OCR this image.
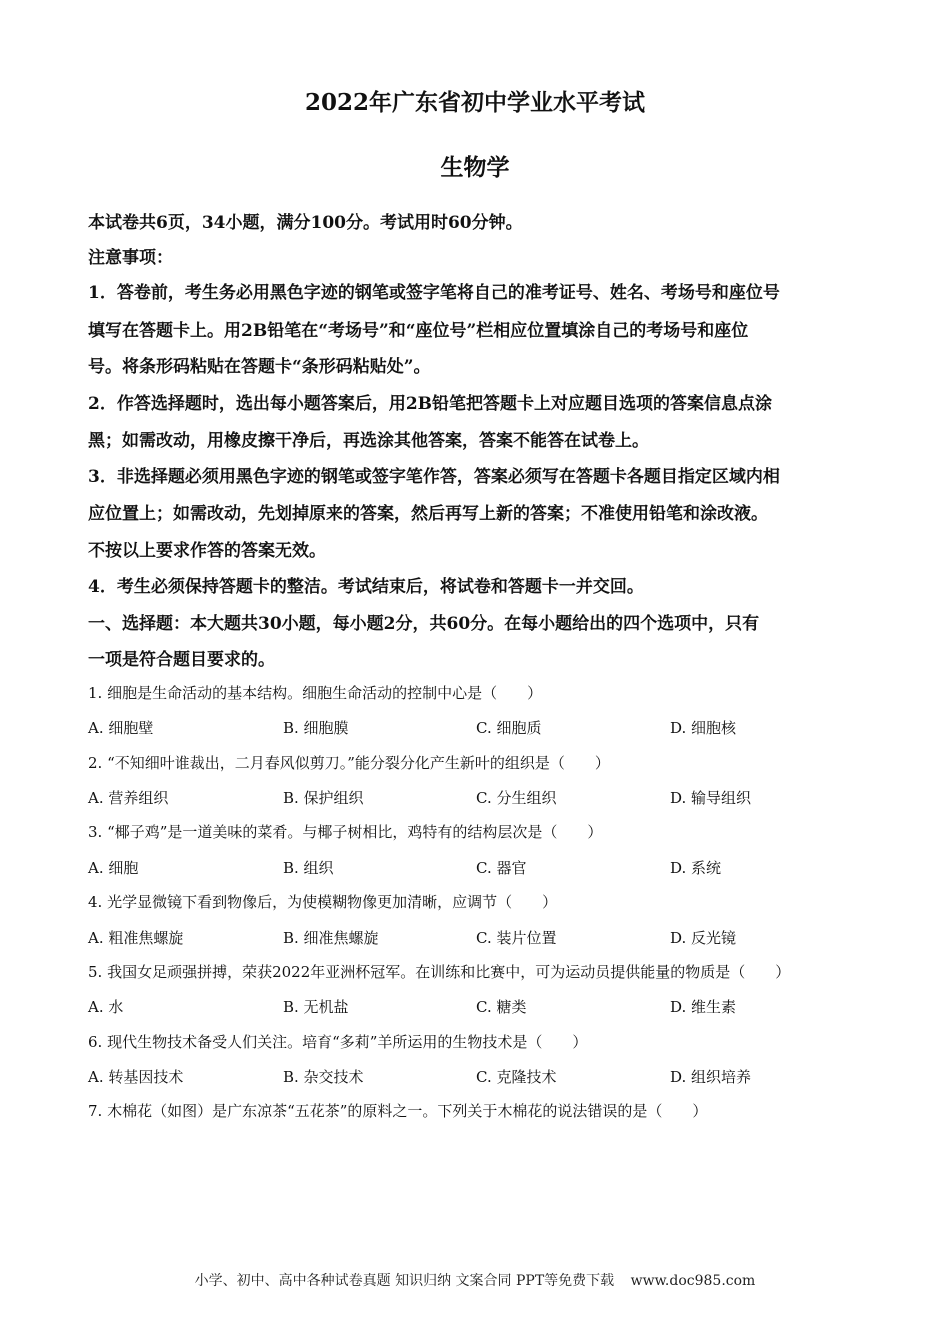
2022年广东省初中学业水平考试
生物学
本试卷共6页，34小题，满分100分。考试用时60分钟。
注意事项：
1．答卷前，考生务必用黑色字迹的钢笔或签字笔将自己的准考证号、姓名、考场号和座位号
填写在答题卡上。用2B铅笔在“考场号”和“座位号”栏相应位置填涂自己的考场号和座位
号。将条形码粘贴在答题卡“条形码粘贴处”。
2．作答选择题时，选出每小题答案后，用2B铅笔把答题卡上对应题目选项的答案信息点涂
黑；如需改动，用橡皮擦干净后，再选涂其他答案，答案不能答在试卷上。
3．非选择题必须用黑色字迹的钢笔或签字笔作答，答案必须写在答题卡各题目指定区域内相
应位置上；如需改动，先划掉原来的答案，然后再写上新的答案；不准使用铅笔和涂改液。
不按以上要求作答的答案无效。
4．考生必须保持答题卡的整洁。考试结束后，将试卷和答题卡一并交回。
一、选择题：本大题共30小题，每小题2分，共60分。在每小题给出的四个选项中，只有
一项是符合题目要求的。
1. 细胞是生命活动的基本结构。细胞生命活动的控制中心是（　　）
A. 细胞壁	B. 细胞膜	C. 细胞质	D. 细胞核
2. “不知细叶谁裁出，二月春风似剪刀。”能分裂分化产生新叶的组织是（　　）
A. 营养组织	B. 保护组织	C. 分生组织	D. 输导组织
3. “椰子鸡”是一道美味的菜肴。与椰子树相比，鸡特有的结构层次是（　　）
A. 细胞	B. 组织	C. 器官	D. 系统
4. 光学显微镜下看到物像后，为使模糊物像更加清晰，应调节（　　）
A. 粗准焦螺旋	B. 细准焦螺旋	C. 装片位置	D. 反光镜
5. 我国女足顽强拼搏，荣获2022年亚洲杯冠军。在训练和比赛中，可为运动员提供能量的物质是（　　）
A. 水	B. 无机盐	C. 糖类	D. 维生素
6. 现代生物技术备受人们关注。培育“多莉”羊所运用的生物技术是（　　）
A. 转基因技术	B. 杂交技术	C. 克隆技术	D. 组织培养
7. 木棉花（如图）是广东凉茶“五花茶”的原料之一。下列关于木棉花的说法错误的是（　　）
小学、初中、高中各种试卷真题 知识归纳 文案合同 PPT等免费下载 www.doc985.com
